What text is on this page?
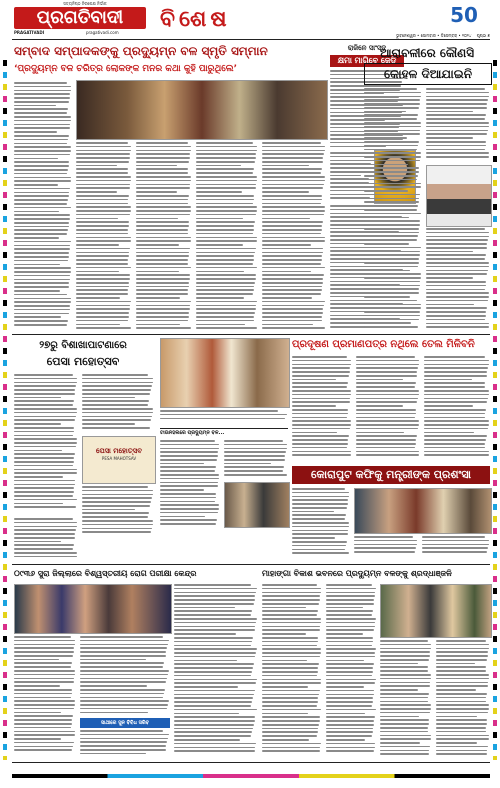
ପ୍ରଗତିବାଦୀ
ସତ୍ୟନିଷ୍ଠ ନିରପେକ୍ଷ ନିର୍ଭୀକ
PRAGATIVADI	pragativadi.com
ବିଶେଷ	50
ଭୁବନେଶ୍ୱର • ସୋମବାର • ଡିସେମ୍ବର୍ • ୨୦୨୪ ପୃଷ୍ଠା ୭
ସମ୍ବାଦ ସମ୍ପାଦକଙ୍କୁ ପ୍ରଦ୍ୟୁମ୍ନ ବଳ ସ୍ମୃତି ସମ୍ମାନ
‘ପ୍ରଦ୍ୟୁମ୍ନ ବଳ ଚରିତ୍ର ଲୋକଙ୍କ ମନର କଥା କୁହି ପାରୁଥିଲେ’
ରାଜିନେ ସାଂସଦ
କ୍ଷମା ମାଗିବେ ଜେଡି
ଆରାବଳୀରେ କୌଣସି
କୋହଳ ଦିଆଯାଇନି
୨୭ରୁ ବିଶାଖାପାଟଣାରେ
ପେସା ମହୋତ୍ସବ
ପେସା ମହୋତ୍ସବ
PESA MAHOTSAV
ପ୍ରଦୂଷଣ ପ୍ରମାଣପତ୍ର ନଥିଲେ ତେଲ ମିଳିବନି
ଟାଉନହଲରେ ପ୍ରଦ୍ୟୁମ୍ନ ବଳ...
କୋରାପୁଟ କଫିକୁ ମନ୍ତ୍ରୀଙ୍କ ପ୍ରଶଂସା
୦୯୩୬ ସୁରା ଜିଲ୍ଲାରେ ବିଶ୍ୱସ୍ତରୀୟ ରୋଗ ପରୀକ୍ଷା କେନ୍ଦ୍ର
ସାଥୀରେ ସୁନ ବିବିଧ ସରିବ
ମାହାଙ୍ଗା ବିକାଶ ଭବନରେ ପ୍ରଦ୍ୟୁମ୍ନ ବଳଙ୍କୁ ଶ୍ରଦ୍ଧାଞ୍ଜଳି
